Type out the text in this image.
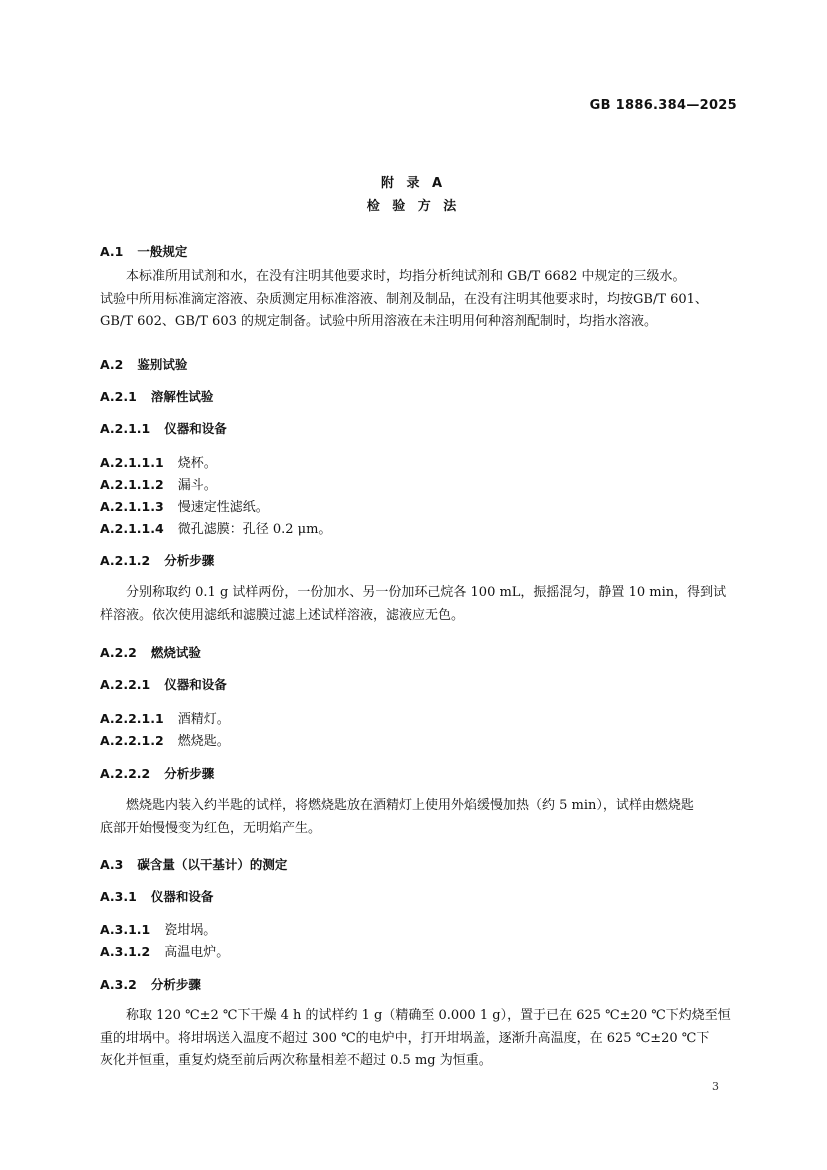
GB 1886.384—2025
附 录 A
检 验 方 法
A.1 一般规定
本标准所用试剂和水，在没有注明其他要求时，均指分析纯试剂和 GB/T 6682 中规定的三级水。
试验中所用标准滴定溶液、杂质测定用标准溶液、制剂及制品，在没有注明其他要求时，均按GB/T 601、
GB/T 602、GB/T 603 的规定制备。试验中所用溶液在未注明用何种溶剂配制时，均指水溶液。
A.2 鉴别试验
A.2.1 溶解性试验
A.2.1.1 仪器和设备
A.2.1.1.1 烧杯。
A.2.1.1.2 漏斗。
A.2.1.1.3 慢速定性滤纸。
A.2.1.1.4 微孔滤膜：孔径 0.2 μm。
A.2.1.2 分析步骤
分别称取约 0.1 g 试样两份，一份加水、另一份加环己烷各 100 mL，振摇混匀，静置 10 min，得到试
样溶液。依次使用滤纸和滤膜过滤上述试样溶液，滤液应无色。
A.2.2 燃烧试验
A.2.2.1 仪器和设备
A.2.2.1.1 酒精灯。
A.2.2.1.2 燃烧匙。
A.2.2.2 分析步骤
燃烧匙内装入约半匙的试样，将燃烧匙放在酒精灯上使用外焰缓慢加热（约 5 min），试样由燃烧匙
底部开始慢慢变为红色，无明焰产生。
A.3 碳含量（以干基计）的测定
A.3.1 仪器和设备
A.3.1.1 瓷坩埚。
A.3.1.2 高温电炉。
A.3.2 分析步骤
称取 120 ℃±2 ℃下干燥 4 h 的试样约 1 g（精确至 0.000 1 g），置于已在 625 ℃±20 ℃下灼烧至恒
重的坩埚中。将坩埚送入温度不超过 300 ℃的电炉中，打开坩埚盖，逐渐升高温度，在 625 ℃±20 ℃下
灰化并恒重，重复灼烧至前后两次称量相差不超过 0.5 mg 为恒重。
3
